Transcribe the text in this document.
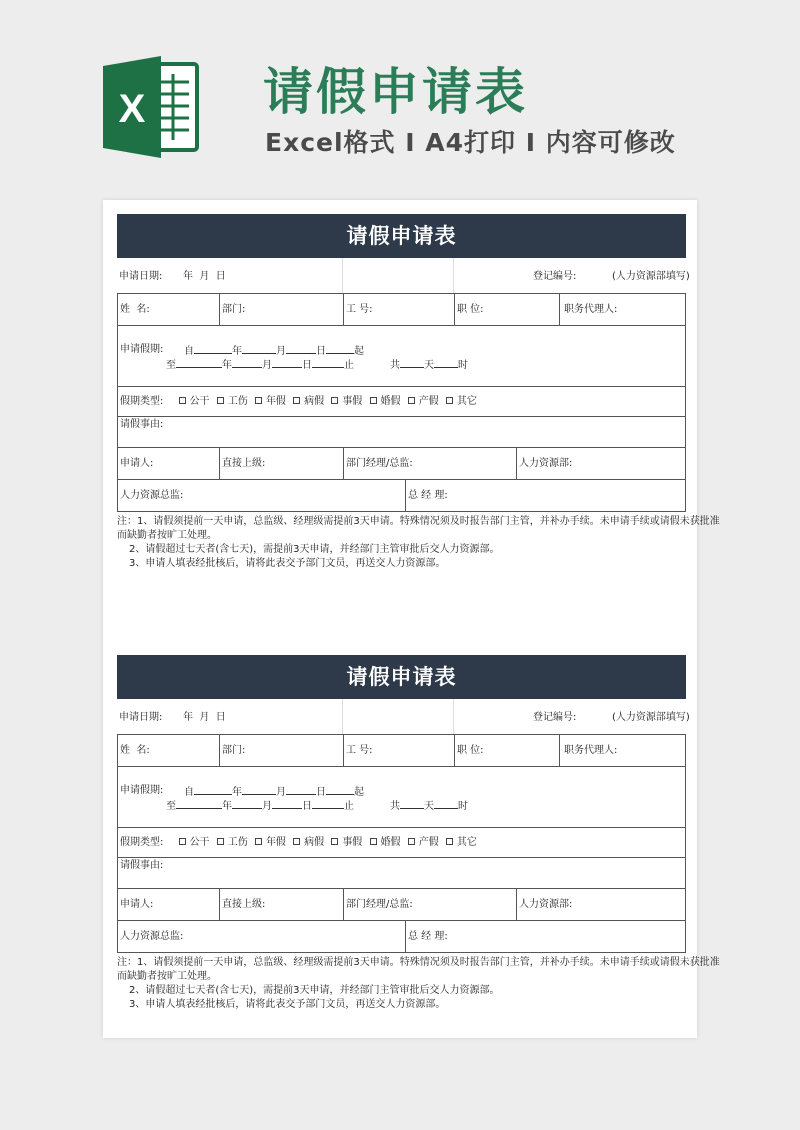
X 请假申请表
Excel格式 Ⅰ A4打印 Ⅰ 内容可修改
请假申请表
申请日期: 年  月  日	登记编号:	(人力资源部填写)
姓  名:	部门:	工 号:	职 位:	职务代理人:
申请假期: 自	年	月	日	起
至	年	月	日	止	共 天 时
假期类型:	公干 工伤 年假 病假 事假 婚假 产假 其它
请假事由:
申请人:	直接上级:	部门经理/总监:	人力资源部:
人力资源总监:	总 经 理:
注：1、请假须提前一天申请，总监级、经理级需提前3天申请。特殊情况须及时报告部门主管，并补办手续。未申请手续或请假未获批准
而缺勤者按旷工处理。
2、请假超过七天者(含七天)，需提前3天申请，并经部门主管审批后交人力资源部。
3、申请人填表经批核后，请将此表交予部门文员，再送交人力资源部。
请假申请表
申请日期: 年  月  日	登记编号:	(人力资源部填写)
姓  名:	部门:	工 号:	职 位:	职务代理人:
申请假期: 自	年	月	日	起
至	年	月	日	止	共 天 时
假期类型:	公干 工伤 年假 病假 事假 婚假 产假 其它
请假事由:
申请人:	直接上级:	部门经理/总监:	人力资源部:
人力资源总监:	总 经 理:
注：1、请假须提前一天申请，总监级、经理级需提前3天申请。特殊情况须及时报告部门主管，并补办手续。未申请手续或请假未获批准
而缺勤者按旷工处理。
2、请假超过七天者(含七天)，需提前3天申请，并经部门主管审批后交人力资源部。
3、申请人填表经批核后，请将此表交予部门文员，再送交人力资源部。
